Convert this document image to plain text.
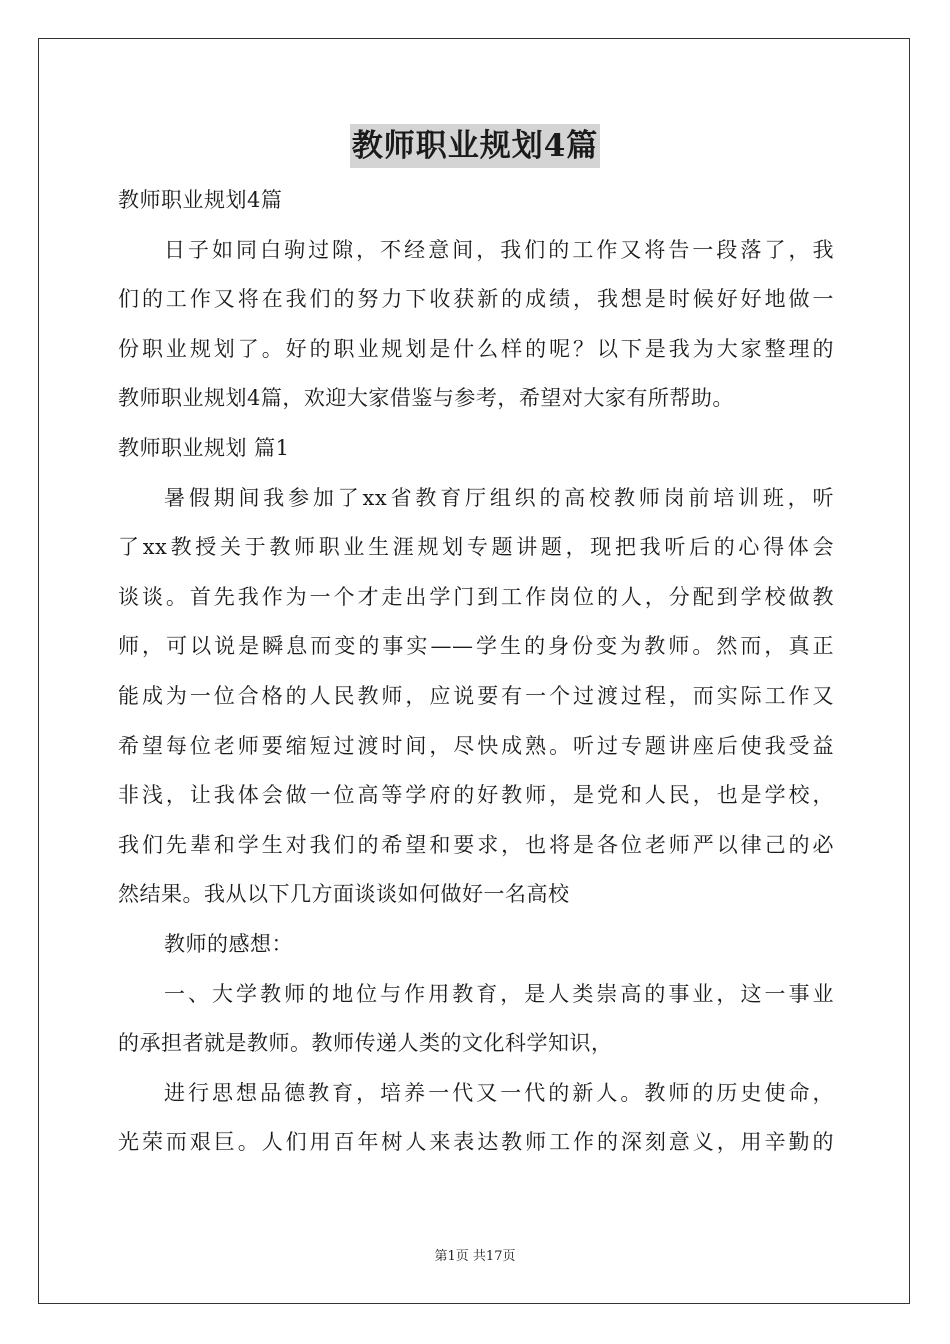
教师职业规划4篇
教师职业规划4篇
日子如同白驹过隙，不经意间，我们的工作又将告一段落了，我
们的工作又将在我们的努力下收获新的成绩，我想是时候好好地做一
份职业规划了。好的职业规划是什么样的呢？以下是我为大家整理的
教师职业规划4篇，欢迎大家借鉴与参考，希望对大家有所帮助。
教师职业规划 篇1
暑假期间我参加了xx省教育厅组织的高校教师岗前培训班，听
了xx教授关于教师职业生涯规划专题讲题，现把我听后的心得体会
谈谈。首先我作为一个才走出学门到工作岗位的人，分配到学校做教
师，可以说是瞬息而变的事实——学生的身份变为教师。然而，真正
能成为一位合格的人民教师，应说要有一个过渡过程，而实际工作又
希望每位老师要缩短过渡时间，尽快成熟。听过专题讲座后使我受益
非浅，让我体会做一位高等学府的好教师，是党和人民，也是学校，
我们先辈和学生对我们的希望和要求，也将是各位老师严以律己的必
然结果。我从以下几方面谈谈如何做好一名高校
教师的感想：
一、大学教师的地位与作用教育，是人类崇高的事业，这一事业
的承担者就是教师。教师传递人类的文化科学知识，
进行思想品德教育，培养一代又一代的新人。教师的历史使命，
光荣而艰巨。人们用百年树人来表达教师工作的深刻意义，用辛勤的
第1页 共17页
